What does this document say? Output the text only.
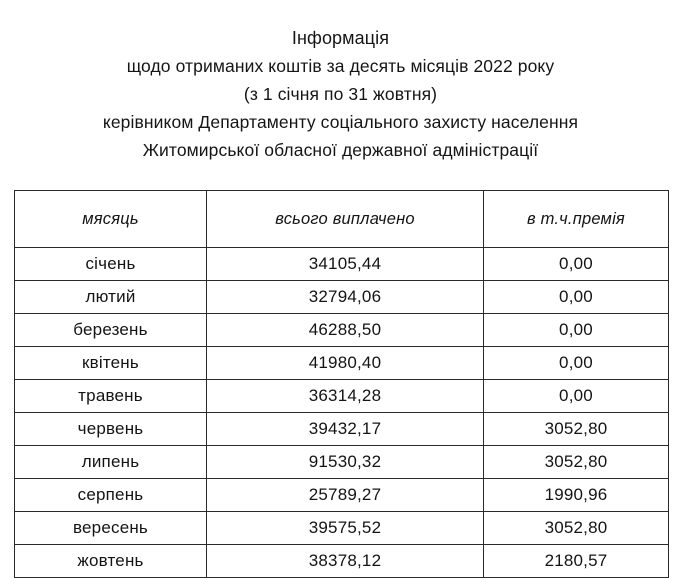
Інформація
щодо отриманих коштів за десять місяців 2022 року
(з 1 січня по 31 жовтня)
керівником Департаменту соціального захисту населення
Житомирської обласної державної адміністрації
мясяць	всього виплачено	в т.ч.премія
січень	34105,44	0,00
лютий	32794,06	0,00
березень	46288,50	0,00
квітень	41980,40	0,00
травень	36314,28	0,00
червень	39432,17	3052,80
липень	91530,32	3052,80
серпень	25789,27	1990,96
вересень	39575,52	3052,80
жовтень	38378,12	2180,57
